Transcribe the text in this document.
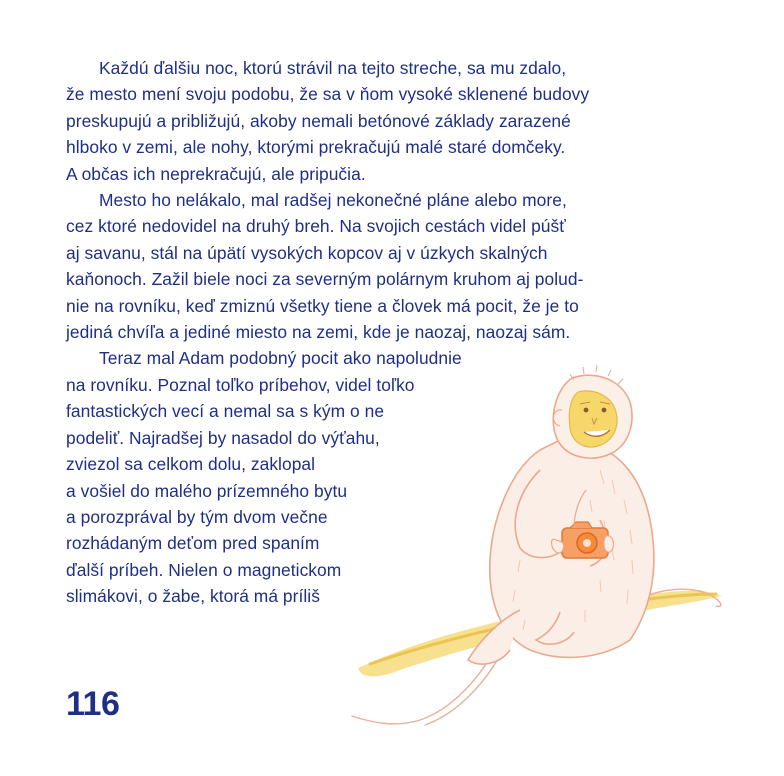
Každú ďalšiu noc, ktorú strávil na tejto streche, sa mu zdalo,
že mesto mení svoju podobu, že sa v ňom vysoké sklenené budovy
preskupujú a približujú, akoby nemali betónové základy zarazené
hlboko v zemi, ale nohy, ktorými prekračujú malé staré domčeky.
A občas ich neprekračujú, ale pripučia.

Mesto ho nelákalo, mal radšej nekonečné pláne alebo more,
cez ktoré nedovidel na druhý breh. Na svojich cestách videl púšť
aj savanu, stál na úpätí vysokých kopcov aj v úzkych skalných
kaňonoch. Zažil biele noci za severným polárnym kruhom aj polud-
nie na rovníku, keď zmiznú všetky tiene a človek má pocit, že je to
jediná chvíľa a jediné miesto na zemi, kde je naozaj, naozaj sám.

Teraz mal Adam podobný pocit ako napoludnie
na rovníku. Poznal toľko príbehov, videl toľko
fantastických vecí a nemal sa s kým o ne
podeliť. Najradšej by nasadol do výťahu,
zviezol sa celkom dolu, zaklopal
a vošiel do malého prízemného bytu
a porozprával by tým dvom večne
rozhádaným deťom pred spaním
ďalší príbeh. Nielen o magnetickom
slimákovi, o žabe, ktorá má príliš

116
